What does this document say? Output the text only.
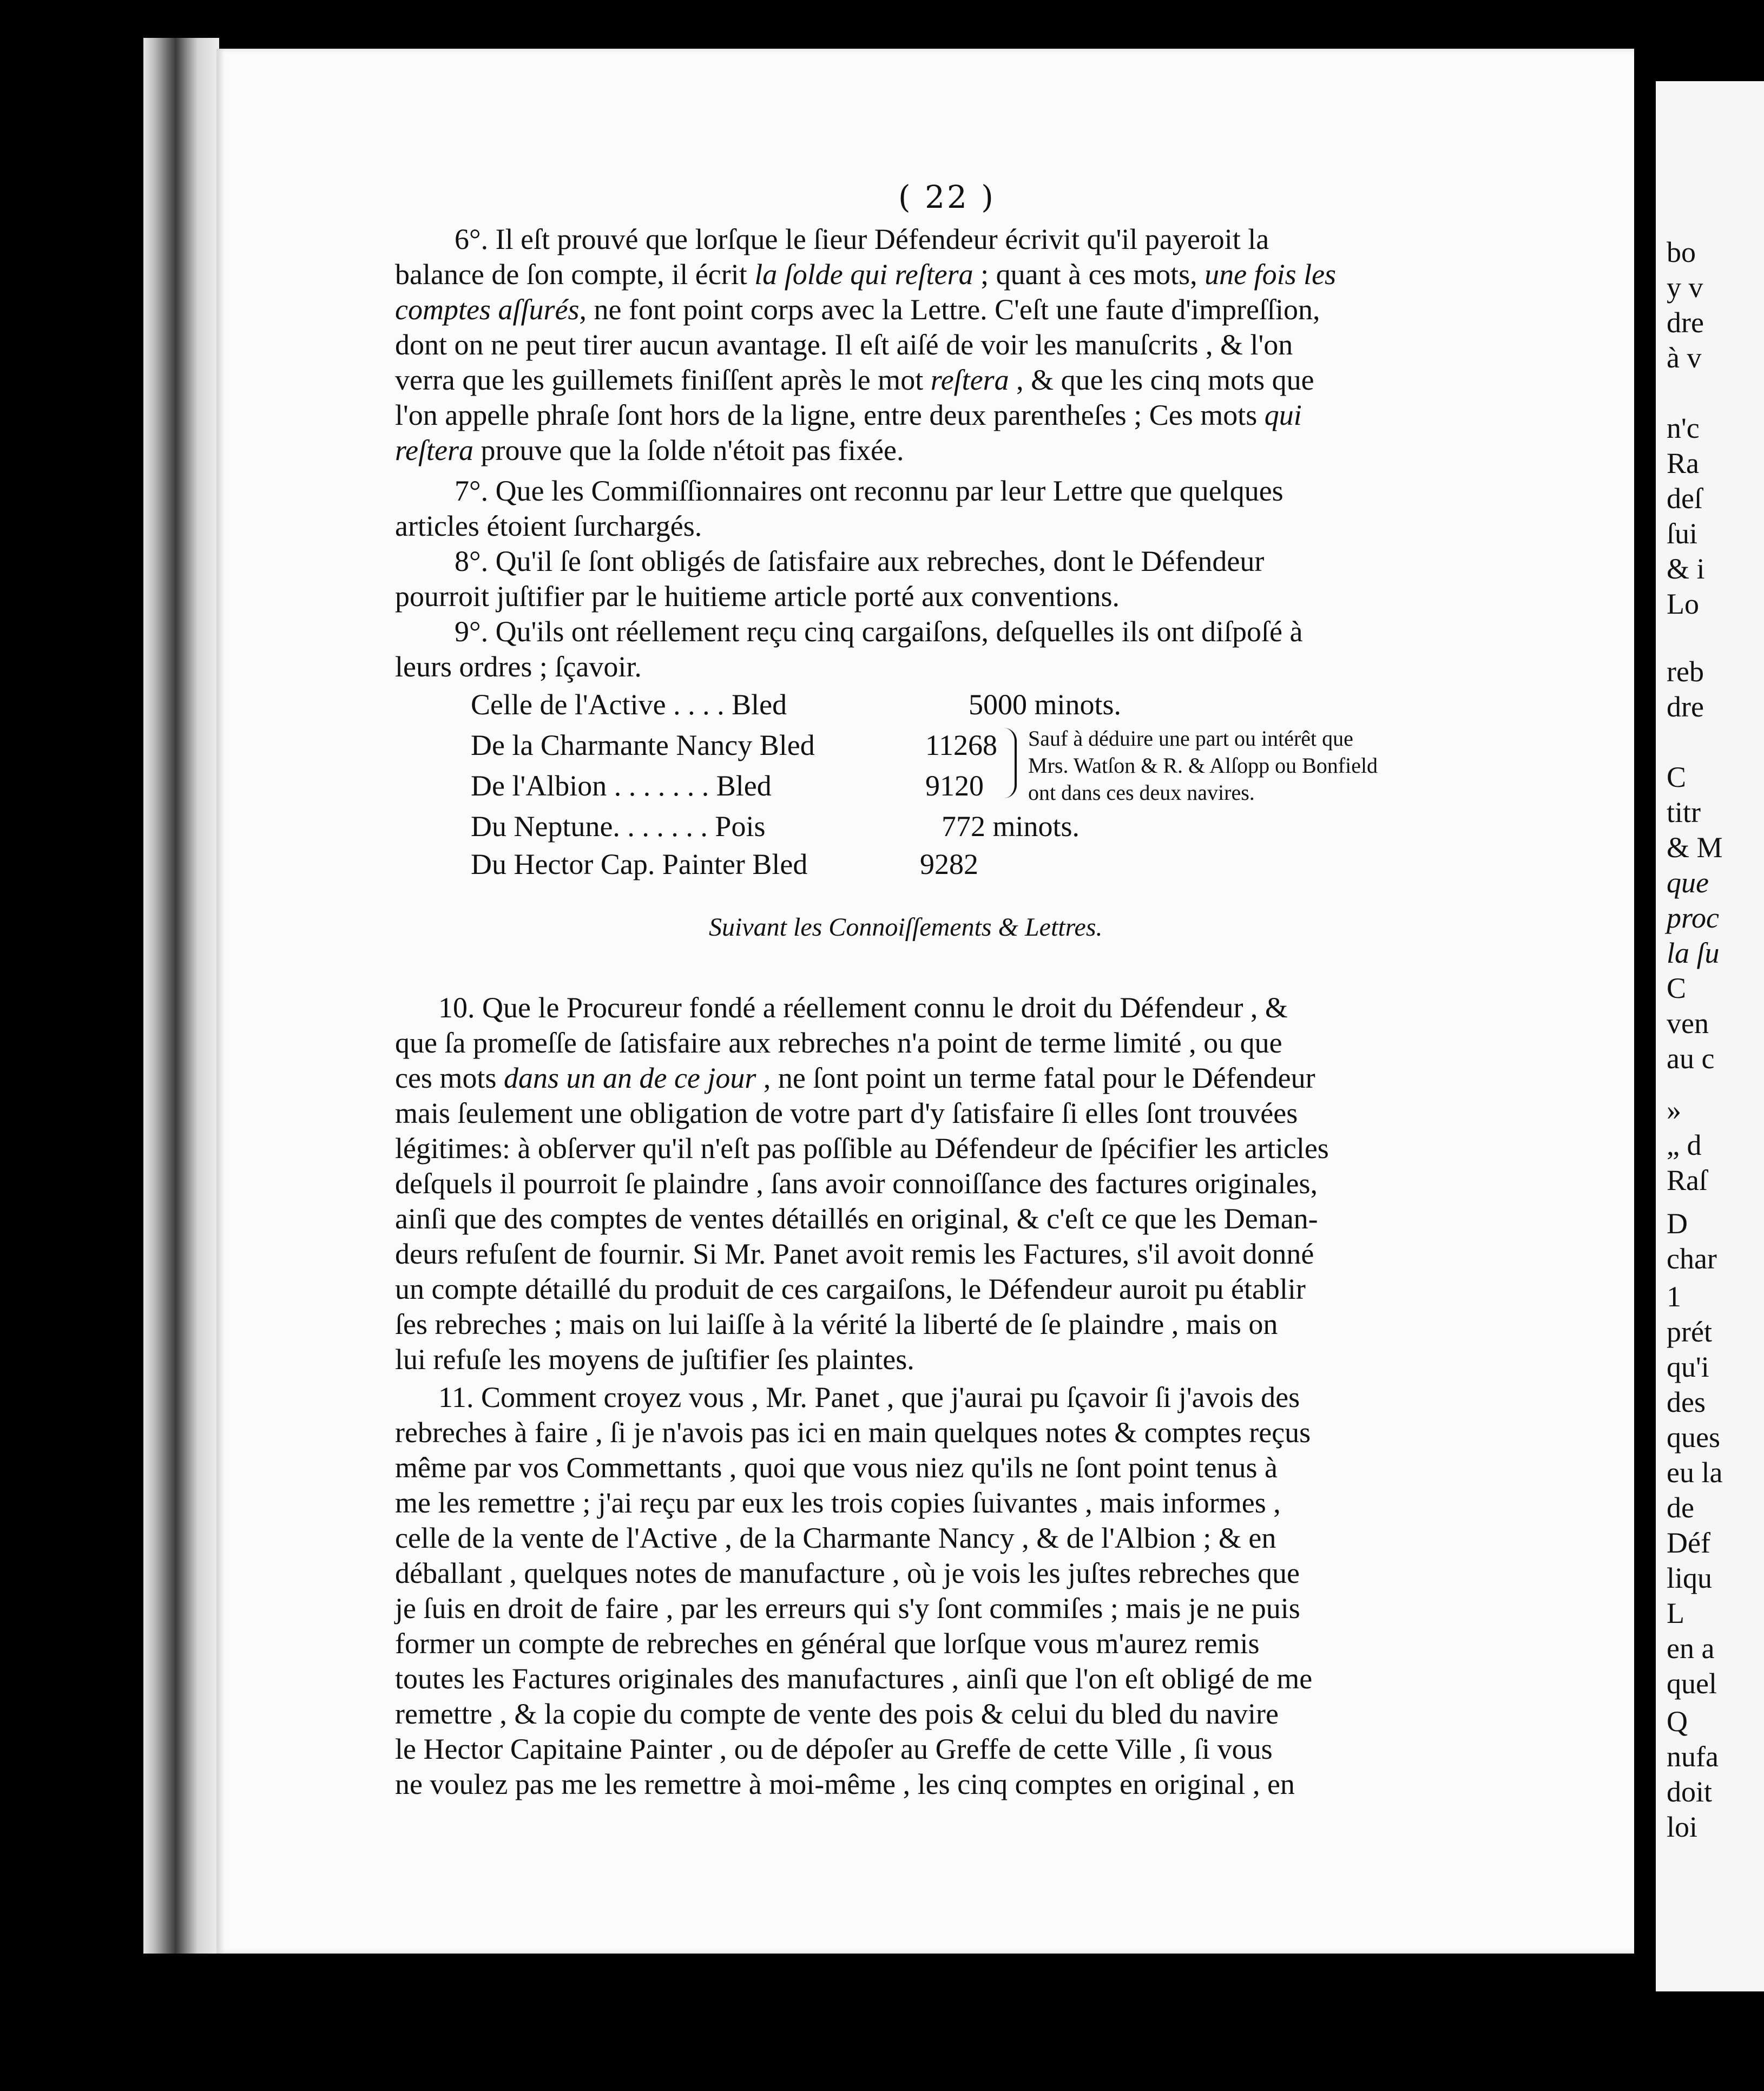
( 22 )
6°. Il eſt prouvé que lorſque le ſieur Défendeur écrivit qu'il payeroit la
balance de ſon compte, il écrit la ſolde qui reſtera ; quant à ces mots, une fois les
comptes aſſurés, ne font point corps avec la Lettre. C'eſt une faute d'impreſſion,
dont on ne peut tirer aucun avantage. Il eſt aiſé de voir les manuſcrits , & l'on
verra que les guillemets finiſſent après le mot reſtera , & que les cinq mots que
l'on appelle phraſe ſont hors de la ligne, entre deux parentheſes ; Ces mots qui
reſtera prouve que la ſolde n'étoit pas fixée.
7°. Que les Commiſſionnaires ont reconnu par leur Lettre que quelques
articles étoient ſurchargés.
8°. Qu'il ſe ſont obligés de ſatisfaire aux rebreches, dont le Défendeur
pourroit juſtifier par le huitieme article porté aux conventions.
9°. Qu'ils ont réellement reçu cinq cargaiſons, deſquelles ils ont diſpoſé à
leurs ordres ; ſçavoir.
Celle de l'Active . . . . Bled	5000 minots.
De la Charmante Nancy Bled	11268
De l'Albion . . . . . . . Bled	9120
Sauf à déduire une part ou intérêt que
Mrs. Watſon & R. & Alſopp ou Bonfield
ont dans ces deux navires.
Du Neptune. . . . . . . Pois	772 minots.
Du Hector Cap. Painter Bled	9282
Suivant les Connoiſſements & Lettres.
10. Que le Procureur fondé a réellement connu le droit du Défendeur , &
que ſa promeſſe de ſatisfaire aux rebreches n'a point de terme limité , ou que
ces mots dans un an de ce jour , ne ſont point un terme fatal pour le Défendeur
mais ſeulement une obligation de votre part d'y ſatisfaire ſi elles ſont trouvées
légitimes: à obſerver qu'il n'eſt pas poſſible au Défendeur de ſpécifier les articles
deſquels il pourroit ſe plaindre , ſans avoir connoiſſance des factures originales,
ainſi que des comptes de ventes détaillés en original, & c'eſt ce que les Deman-
deurs refuſent de fournir. Si Mr. Panet avoit remis les Factures, s'il avoit donné
un compte détaillé du produit de ces cargaiſons, le Défendeur auroit pu établir
ſes rebreches ; mais on lui laiſſe à la vérité la liberté de ſe plaindre , mais on
lui refuſe les moyens de juſtifier ſes plaintes.
11. Comment croyez vous , Mr. Panet , que j'aurai pu ſçavoir ſi j'avois des
rebreches à faire , ſi je n'avois pas ici en main quelques notes & comptes reçus
même par vos Commettants , quoi que vous niez qu'ils ne ſont point tenus à
me les remettre ; j'ai reçu par eux les trois copies ſuivantes , mais informes ,
celle de la vente de l'Active , de la Charmante Nancy , & de l'Albion ; & en
déballant , quelques notes de manufacture , où je vois les juſtes rebreches que
je ſuis en droit de faire , par les erreurs qui s'y ſont commiſes ; mais je ne puis
former un compte de rebreches en général que lorſque vous m'aurez remis
toutes les Factures originales des manufactures , ainſi que l'on eſt obligé de me
remettre , & la copie du compte de vente des pois & celui du bled du navire
le Hector Capitaine Painter , ou de dépoſer au Greffe de cette Ville , ſi vous
ne voulez pas me les remettre à moi-même , les cinq comptes en original , en
bo
y v
dre
à v
n'c
Ra
deſ
ſui
& i
Lo
reb
dre
C
titr
& M
que
proc
la ſu
C
ven
au c
»
„ d
Raſ
D
char
1
prét
qu'i
des
ques
eu la
de
Déf
liqu
L
en a
quel
Q
nufa
doit
loi
